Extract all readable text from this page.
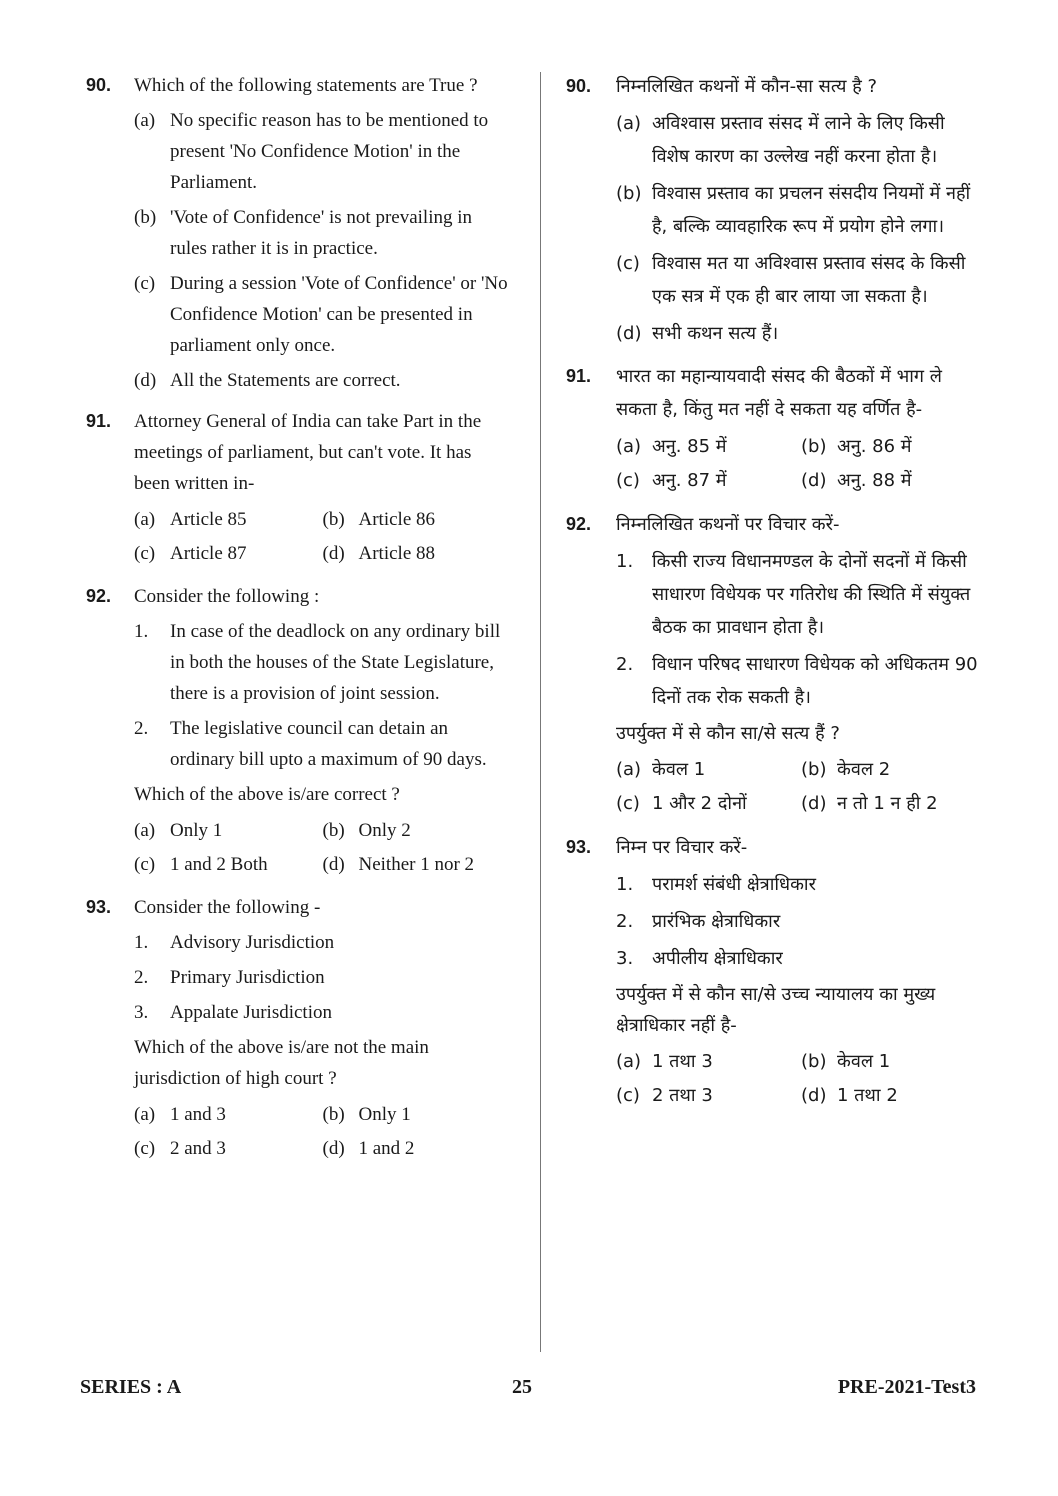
90. Which of the following statements are True ?
(a) No specific reason has to be mentioned to present 'No Confidence Motion' in the Parliament.
(b) 'Vote of Confidence' is not prevailing in rules rather it is in practice.
(c) During a session 'Vote of Confidence' or 'No Confidence Motion' can be presented in parliament only once.
(d) All the Statements are correct.
91. Attorney General of India can take Part in the meetings of parliament, but can't vote. It has been written in-
(a) Article 85	(b) Article 86
(c) Article 87	(d) Article 88
92. Consider the following :
1. In case of the deadlock on any ordinary bill in both the houses of the State Legislature, there is a provision of joint session.
2. The legislative council can detain an ordinary bill upto a maximum of 90 days.
Which of the above is/are correct ?
(a) Only 1	(b) Only 2
(c) 1 and 2 Both	(d) Neither 1 nor 2
93. Consider the following -
1. Advisory Jurisdiction
2. Primary Jurisdiction
3. Appalate Jurisdiction
Which of the above is/are not the main jurisdiction of high court ?
(a) 1 and 3	(b) Only 1
(c) 2 and 3	(d) 1 and 2
90. निम्नलिखित कथनों में कौन-सा सत्य है ?
(a) अविश्वास प्रस्ताव संसद में लाने के लिए किसी विशेष कारण का उल्लेख नहीं करना होता है।
(b) विश्वास प्रस्ताव का प्रचलन संसदीय नियमों में नहीं है, बल्कि व्यावहारिक रूप में प्रयोग होने लगा।
(c) विश्वास मत या अविश्वास प्रस्ताव संसद के किसी एक सत्र में एक ही बार लाया जा सकता है।
(d) सभी कथन सत्य हैं।
91. भारत का महान्यायवादी संसद की बैठकों में भाग ले सकता है, किंतु मत नहीं दे सकता यह वर्णित है-
(a) अनु. 85 में	(b) अनु. 86 में
(c) अनु. 87 में	(d) अनु. 88 में
92. निम्नलिखित कथनों पर विचार करें-
1. किसी राज्य विधानमण्डल के दोनों सदनों में किसी साधारण विधेयक पर गतिरोध की स्थिति में संयुक्त बैठक का प्रावधान होता है।
2. विधान परिषद साधारण विधेयक को अधिकतम 90 दिनों तक रोक सकती है।
उपर्युक्त में से कौन सा/से सत्य हैं ?
(a) केवल 1	(b) केवल 2
(c) 1 और 2 दोनों	(d) न तो 1 न ही 2
93. निम्न पर विचार करें-
1. परामर्श संबंधी क्षेत्राधिकार
2. प्रारंभिक क्षेत्राधिकार
3. अपीलीय क्षेत्राधिकार
उपर्युक्त में से कौन सा/से उच्च न्यायालय का मुख्य क्षेत्राधिकार नहीं है-
(a) 1 तथा 3	(b) केवल 1
(c) 2 तथा 3	(d) 1 तथा 2
SERIES : A	25	PRE-2021-Test3
